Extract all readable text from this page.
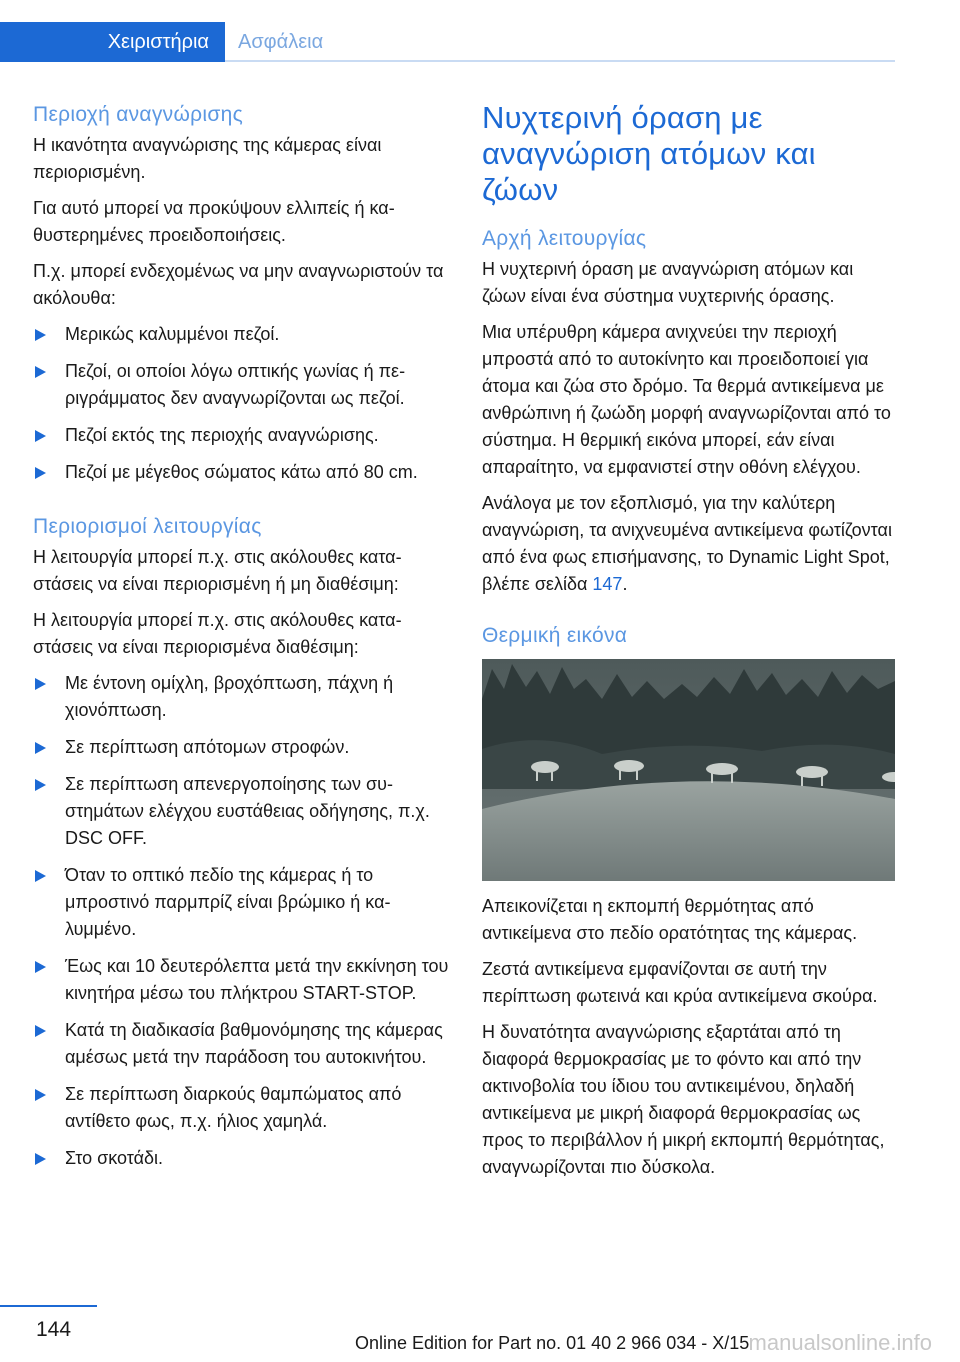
Χειριστήρια	Ασφάλεια
Περιοχή αναγνώρισης

Η ικανότητα αναγνώρισης της κάμερας είναι περιορισμένη.

Για αυτό μπορεί να προκύψουν ελλιπείς ή καθυστερημένες προειδοποιήσεις.

Π.χ. μπορεί ενδεχομένως να μην αναγνωριστούν τα ακόλουθα:

Μερικώς καλυμμένοι πεζοί.
Πεζοί, οι οποίοι λόγω οπτικής γωνίας ή περιγράμματος δεν αναγνωρίζονται ως πεζοί.
Πεζοί εκτός της περιοχής αναγνώρισης.
Πεζοί με μέγεθος σώματος κάτω από 80 cm.
Περιορισμοί λειτουργίας

Η λειτουργία μπορεί π.χ. στις ακόλουθες καταστάσεις να είναι περιορισμένη ή μη διαθέσιμη:

Η λειτουργία μπορεί π.χ. στις ακόλουθες καταστάσεις να είναι περιορισμένα διαθέσιμη:

Με έντονη ομίχλη, βροχόπτωση, πάχνη ή χιονόπτωση.
Σε περίπτωση απότομων στροφών.
Σε περίπτωση απενεργοποίησης των συστημάτων ελέγχου ευστάθειας οδήγησης, π.χ. DSC OFF.
Όταν το οπτικό πεδίο της κάμερας ή το μπροστινό παρμπρίζ είναι βρώμικο ή καλυμμένο.
Έως και 10 δευτερόλεπτα μετά την εκκίνηση του κινητήρα μέσω του πλήκτρου START-STOP.
Κατά τη διαδικασία βαθμονόμησης της κάμερας αμέσως μετά την παράδοση του αυτοκινήτου.
Σε περίπτωση διαρκούς θαμπώματος από αντίθετο φως, π.χ. ήλιος χαμηλά.
Στο σκοτάδι.
Νυχτερινή όραση με αναγνώριση ατόμων και ζώων
Αρχή λειτουργίας

Η νυχτερινή όραση με αναγνώριση ατόμων και ζώων είναι ένα σύστημα νυχτερινής όρασης.

Μια υπέρυθρη κάμερα ανιχνεύει την περιοχή μπροστά από το αυτοκίνητο και προειδοποιεί για άτομα και ζώα στο δρόμο. Τα θερμά αντικείμενα με ανθρώπινη ή ζωώδη μορφή αναγνωρίζονται από το σύστημα. Η θερμική εικόνα μπορεί, εάν είναι απαραίτητο, να εμφανιστεί στην οθόνη ελέγχου.

Ανάλογα με τον εξοπλισμό, για την καλύτερη αναγνώριση, τα ανιχνευμένα αντικείμενα φωτίζονται από ένα φως επισήμανσης, το Dynamic Light Spot, βλέπε σελίδα 147.

Θερμική εικόνα

Απεικονίζεται η εκπομπή θερμότητας από αντικείμενα στο πεδίο ορατότητας της κάμερας.

Ζεστά αντικείμενα εμφανίζονται σε αυτή την περίπτωση φωτεινά και κρύα αντικείμενα σκούρα.

Η δυνατότητα αναγνώρισης εξαρτάται από τη διαφορά θερμοκρασίας με το φόντο και από την ακτινοβολία του ίδιου του αντικειμένου, δηλαδή αντικείμενα με μικρή διαφορά θερμοκρασίας ως προς το περιβάλλον ή μικρή εκπομπή θερμότητας, αναγνωρίζονται πιο δύσκολα.

144
Online Edition for Part no. 01 40 2 966 034 - X/15 manualsonline.info
